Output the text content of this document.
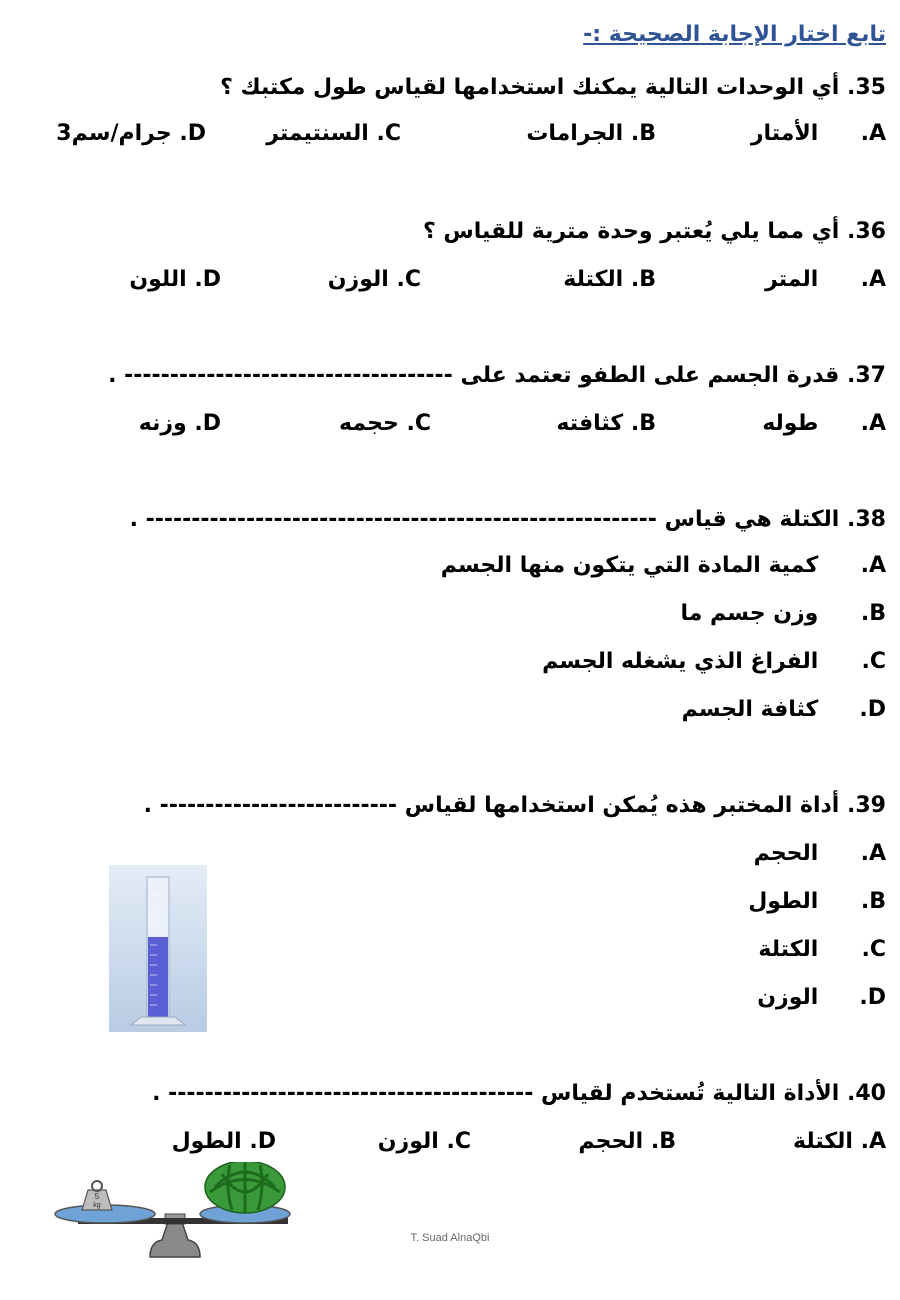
تابع اختار الإجابة الصحيحة :-
35. أي الوحدات التالية يمكنك استخدامها لقياس طول مكتبك ؟
A. الأمتار
B. الجرامات
C. السنتيمتر
D. جرام/سم3
36. أي مما يلي يُعتبر وحدة مترية للقياس ؟
A. المتر
B. الكتلة
C. الوزن
D. اللون
37. قدرة الجسم على الطفو تعتمد على ------------------------------------ .
A. طوله
B. كثافته
C. حجمه
D. وزنه
38. الكتلة هي قياس -------------------------------------------------------- .
A. كمية المادة التي يتكون منها الجسم
B. وزن جسم ما
C. الفراغ الذي يشغله الجسم
D. كثافة الجسم
39. أداة المختبر هذه يُمكن استخدامها لقياس -------------------------- .
A. الحجم
B. الطول
C. الكتلة
D. الوزن
40. الأداة التالية تُستخدم لقياس ---------------------------------------- .
A. الكتلة
B. الحجم
C. الوزن
D. الطول
5
kg
T. Suad AlnaQbi
